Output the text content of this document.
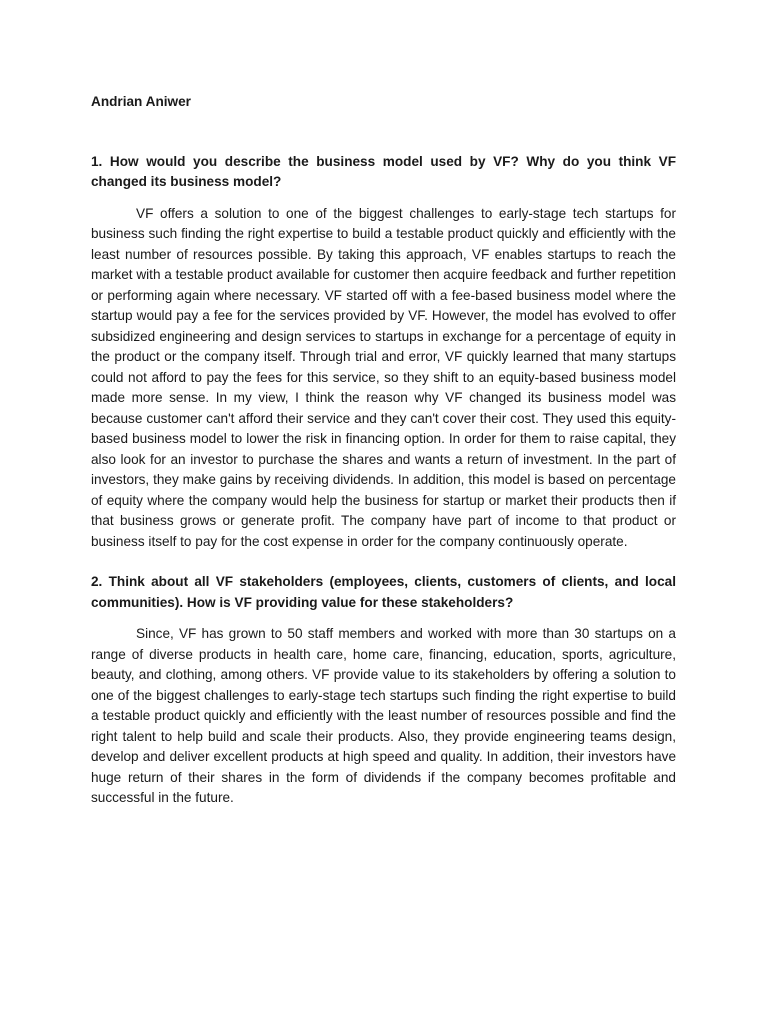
Andrian Aniwer

1. How would you describe the business model used by VF? Why do you think VF changed its business model?

VF offers a solution to one of the biggest challenges to early-stage tech startups for business such finding the right expertise to build a testable product quickly and efficiently with the least number of resources possible. By taking this approach, VF enables startups to reach the market with a testable product available for customer then acquire feedback and further repetition or performing again where necessary. VF started off with a fee-based business model where the startup would pay a fee for the services provided by VF. However, the model has evolved to offer subsidized engineering and design services to startups in exchange for a percentage of equity in the product or the company itself. Through trial and error, VF quickly learned that many startups could not afford to pay the fees for this service, so they shift to an equity-based business model made more sense. In my view, I think the reason why VF changed its business model was because customer can't afford their service and they can't cover their cost. They used this equity-based business model to lower the risk in financing option. In order for them to raise capital, they also look for an investor to purchase the shares and wants a return of investment. In the part of investors, they make gains by receiving dividends. In addition, this model is based on percentage of equity where the company would help the business for startup or market their products then if that business grows or generate profit. The company have part of income to that product or business itself to pay for the cost expense in order for the company continuously operate.

2. Think about all VF stakeholders (employees, clients, customers of clients, and local communities). How is VF providing value for these stakeholders?

Since, VF has grown to 50 staff members and worked with more than 30 startups on a range of diverse products in health care, home care, financing, education, sports, agriculture, beauty, and clothing, among others. VF provide value to its stakeholders by offering a solution to one of the biggest challenges to early-stage tech startups such finding the right expertise to build a testable product quickly and efficiently with the least number of resources possible and find the right talent to help build and scale their products. Also, they provide engineering teams design, develop and deliver excellent products at high speed and quality. In addition, their investors have huge return of their shares in the form of dividends if the company becomes profitable and successful in the future.
